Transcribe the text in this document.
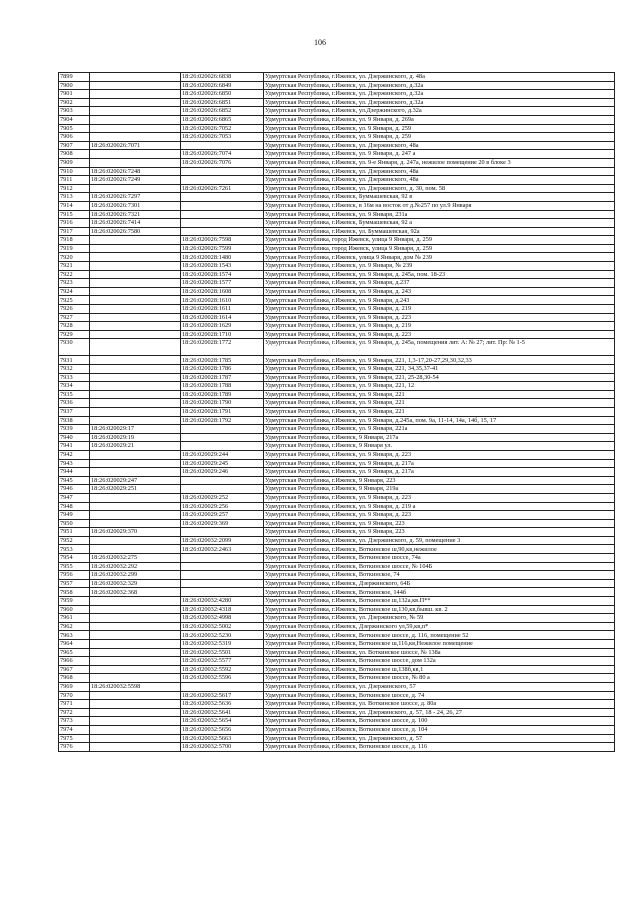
106
7899		18:26:020026:6838	Удмуртская Республика, г.Ижевск, ул. Дзержинского, д. 48а
7900		18:26:020026:6849	Удмуртская Республика, г.Ижевск, ул. Дзержинского, д.32а
7901		18:26:020026:6850	Удмуртская Республика, г.Ижевск, ул. Дзержинского, д.32а
7902		18:26:020026:6851	Удмуртская Республика, г.Ижевск, ул. Дзержинского, д.32а
7903		18:26:020026:6852	Удмуртская Республика, г.Ижевск, ул.Дзержинского, д.32а
7904		18:26:020026:6865	Удмуртская Республика, г.Ижевск, ул. 9 Января, д. 269а
7905		18:26:020026:7052	Удмуртская Республика, г.Ижевск, ул. 9 Января, д. 259
7906		18:26:020026:7053	Удмуртская Республика, г.Ижевск, ул. 9 Января, д. 259
7907	18:26:020026:7071		Удмуртская Республика, г.Ижевск, ул. Дзержинского, 48а
7908		18:26:020026:7074	Удмуртская Республика, г.Ижевск, ул. 9 Января, д. 247 а
7909		18:26:020026:7076	Удмуртская Республика, г.Ижевск, ул. 9-е Января, д. 247а, нежилое помещение 20 в блоке 3
7910	18:26:020026:7248		Удмуртская Республика, г.Ижевск, ул. Дзержинского, 48а
7911	18:26:020026:7249		Удмуртская Республика, г.Ижевск, ул. Дзержинского, 48а
7912		18:26:020026:7261	Удмуртская Республика, г.Ижевск, ул. Дзержинского, д. 30, пом. 58
7913	18:26:020026:7297		Удмуртская Республика, г.Ижевск, Буммашевская, 92 в
7914	18:26:020026:7301		Удмуртская Республика, г.Ижевск, в 16м на восток от д.№257 по ул.9 Января
7915	18:26:020026:7321		Удмуртская Республика, г.Ижевск, ул. 9 Января, 231а
7916	18:26:020026:7414		Удмуртская Республика, г.Ижевск, Буммашевская, 92 а
7917	18:26:020026:7580		Удмуртская Республика, г.Ижевск, ул. Буммашевская, 92а
7918		18:26:020026:7598	Удмуртская Республика, город Ижевск, улица 9 Января, д. 259
7919		18:26:020026:7599	Удмуртская Республика, город Ижевск, улица 9 Января, д. 259
7920		18:26:020028:1480	Удмуртская Республика, г.Ижевск, улица 9 Января, дом № 239
7921		18:26:020028:1543	Удмуртская Республика, г.Ижевск, ул. 9 Января, № 239
7922		18:26:020028:1574	Удмуртская Республика, г.Ижевск, ул. 9 Января, д. 245а, пом. 18-23
7923		18:26:020028:1577	Удмуртская Республика, г.Ижевск, ул. 9 Января, д.237
7924		18:26:020028:1608	Удмуртская Республика, г.Ижевск, ул. 9 Января, д. 243
7925		18:26:020028:1610	Удмуртская Республика, г.Ижевск, ул. 9 Января, д.243
7926		18:26:020028:1611	Удмуртская Республика, г.Ижевск, ул. 9 Января, д. 219
7927		18:26:020028:1614	Удмуртская Республика, г.Ижевск, ул. 9 Января, д. 223
7928		18:26:020028:1629	Удмуртская Республика, г.Ижевск, ул. 9 Января, д. 219
7929		18:26:020028:1710	Удмуртская Республика, г.Ижевск, ул. 9 Января, д. 223
7930		18:26:020028:1772	Удмуртская Республика, г.Ижевск, ул. 9 Января, д. 245а, помещения лит. А: № 27; лит. Пр: № 1-5
7931		18:26:020028:1785	Удмуртская Республика, г.Ижевск, ул. 9 Января, 221, 1,3-17,20-27,29,30,32,33
7932		18:26:020028:1786	Удмуртская Республика, г.Ижевск, ул. 9 Января, 221, 34,35,37-41
7933		18:26:020028:1787	Удмуртская Республика, г.Ижевск, ул. 9 Января, 221, 25-28,30-54
7934		18:26:020028:1788	Удмуртская Республика, г.Ижевск, ул. 9 Января, 221, 12
7935		18:26:020028:1789	Удмуртская Республика, г.Ижевск, ул. 9 Января, 221
7936		18:26:020028:1790	Удмуртская Республика, г.Ижевск, ул. 9 Января, 221
7937		18:26:020028:1791	Удмуртская Республика, г.Ижевск, ул. 9 Января, 221
7938		18:26:020028:1792	Удмуртская Республика, г.Ижевск, ул. 9 Января, д.245а, пом. 9а, 11-14, 14а, 14б, 15, 17
7939	18:26:020029:17		Удмуртская Республика, г.Ижевск, ул. 9 Января, 221а
7940	18:26:020029:19		Удмуртская Республика, г.Ижевск, 9 Января, 217а
7941	18:26:020029:21		Удмуртская Республика, г.Ижевск, 9 Января ул.
7942		18:26:020029:244	Удмуртская Республика, г.Ижевск, ул. 9 Января, д. 223
7943		18:26:020029:245	Удмуртская Республика, г.Ижевск, ул. 9 Января, д. 217а
7944		18:26:020029:246	Удмуртская Республика, г.Ижевск, ул. 9 Января, д. 217а
7945	18:26:020029:247		Удмуртская Республика, г.Ижевск, 9 Января, 223
7946	18:26:020029:251		Удмуртская Республика, г.Ижевск, 9 Января, 219а
7947		18:26:020029:252	Удмуртская Республика, г.Ижевск, ул. 9 Января, д. 223
7948		18:26:020029:256	Удмуртская Республика, г.Ижевск, ул. 9 Января, д. 219 а
7949		18:26:020029:257	Удмуртская Республика, г.Ижевск, ул. 9 Января, д. 223
7950		18:26:020029:369	Удмуртская Республика, г.Ижевск, ул. 9 Января, 223
7951	18:26:020029:370		Удмуртская Республика, г.Ижевск, ул. 9 Января, 223
7952		18:26:020032:2099	Удмуртская Республика, г.Ижевск, ул. Дзержинского, д. 59, помещение 3
7953		18:26:020032:2463	Удмуртская Республика, г.Ижевск, Воткинское ш,90,кв,нежилое
7954	18:26:020032:275		Удмуртская Республика, г.Ижевск, Воткинское шоссе, 74а
7955	18:26:020032:292		Удмуртская Республика, г.Ижевск, Воткинское шоссе, № 104Б
7956	18:26:020032:299		Удмуртская Республика, г.Ижевск, Воткинское, 74
7957	18:26:020032:329		Удмуртская Республика, г.Ижевск, Дзержинского, 64Б
7958	18:26:020032:368		Удмуртская Республика, г.Ижевск, Воткинское, 144б
7959		18:26:020032:4280	Удмуртская Республика, г.Ижевск, Воткинское ш,132а,кв.П**
7960		18:26:020032:4318	Удмуртская Республика, г.Ижевск, Воткинское ш,130,кв,бывш. кв. 2
7961		18:26:020032:4998	Удмуртская Республика, г.Ижевск, ул. Дзержинского, № 59
7962		18:26:020032:5002	Удмуртская Республика, г.Ижевск, Дзержинского ул,59,кв,п*
7963		18:26:020032:5230	Удмуртская Республика, г.Ижевск, Воткинское шоссе, д. 116, помещение 52
7964		18:26:020032:5319	Удмуртская Республика, г.Ижевск, Воткинское ш,116,кв,Нежилое помещение
7965		18:26:020032:5501	Удмуртская Республика, г.Ижевск, ул. Воткинское шоссе, № 138а
7966		18:26:020032:5577	Удмуртская Республика, г.Ижевск, Воткинское шоссе, дом 132а
7967		18:26:020032:5592	Удмуртская Республика, г.Ижевск, Воткинское ш,138б,кв,1
7968		18:26:020032:5596	Удмуртская Республика, г.Ижевск, Воткинское шоссе, № 80 а
7969	18:26:020032:5598		Удмуртская Республика, г.Ижевск, ул. Дзержинского, 57
7970		18:26:020032:5617	Удмуртская Республика, г.Ижевск, Воткинское шоссе, д. 74
7971		18:26:020032:5636	Удмуртская Республика, г.Ижевск, ул. Воткинское шоссе, д. 80а
7972		18:26:020032:5641	Удмуртская Республика, г.Ижевск, ул. Дзержинского, д. 57, 18 - 24, 26, 27
7973		18:26:020032:5654	Удмуртская Республика, г.Ижевск, Воткинское шоссе, д. 100
7974		18:26:020032:5656	Удмуртская Республика, г.Ижевск, Воткинское шоссе, д. 104
7975		18:26:020032:5663	Удмуртская Республика, г.Ижевск, ул. Дзержинского, д. 57
7976		18:26:020032:5700	Удмуртская Республика, г.Ижевск, Воткинское шоссе, д. 116
